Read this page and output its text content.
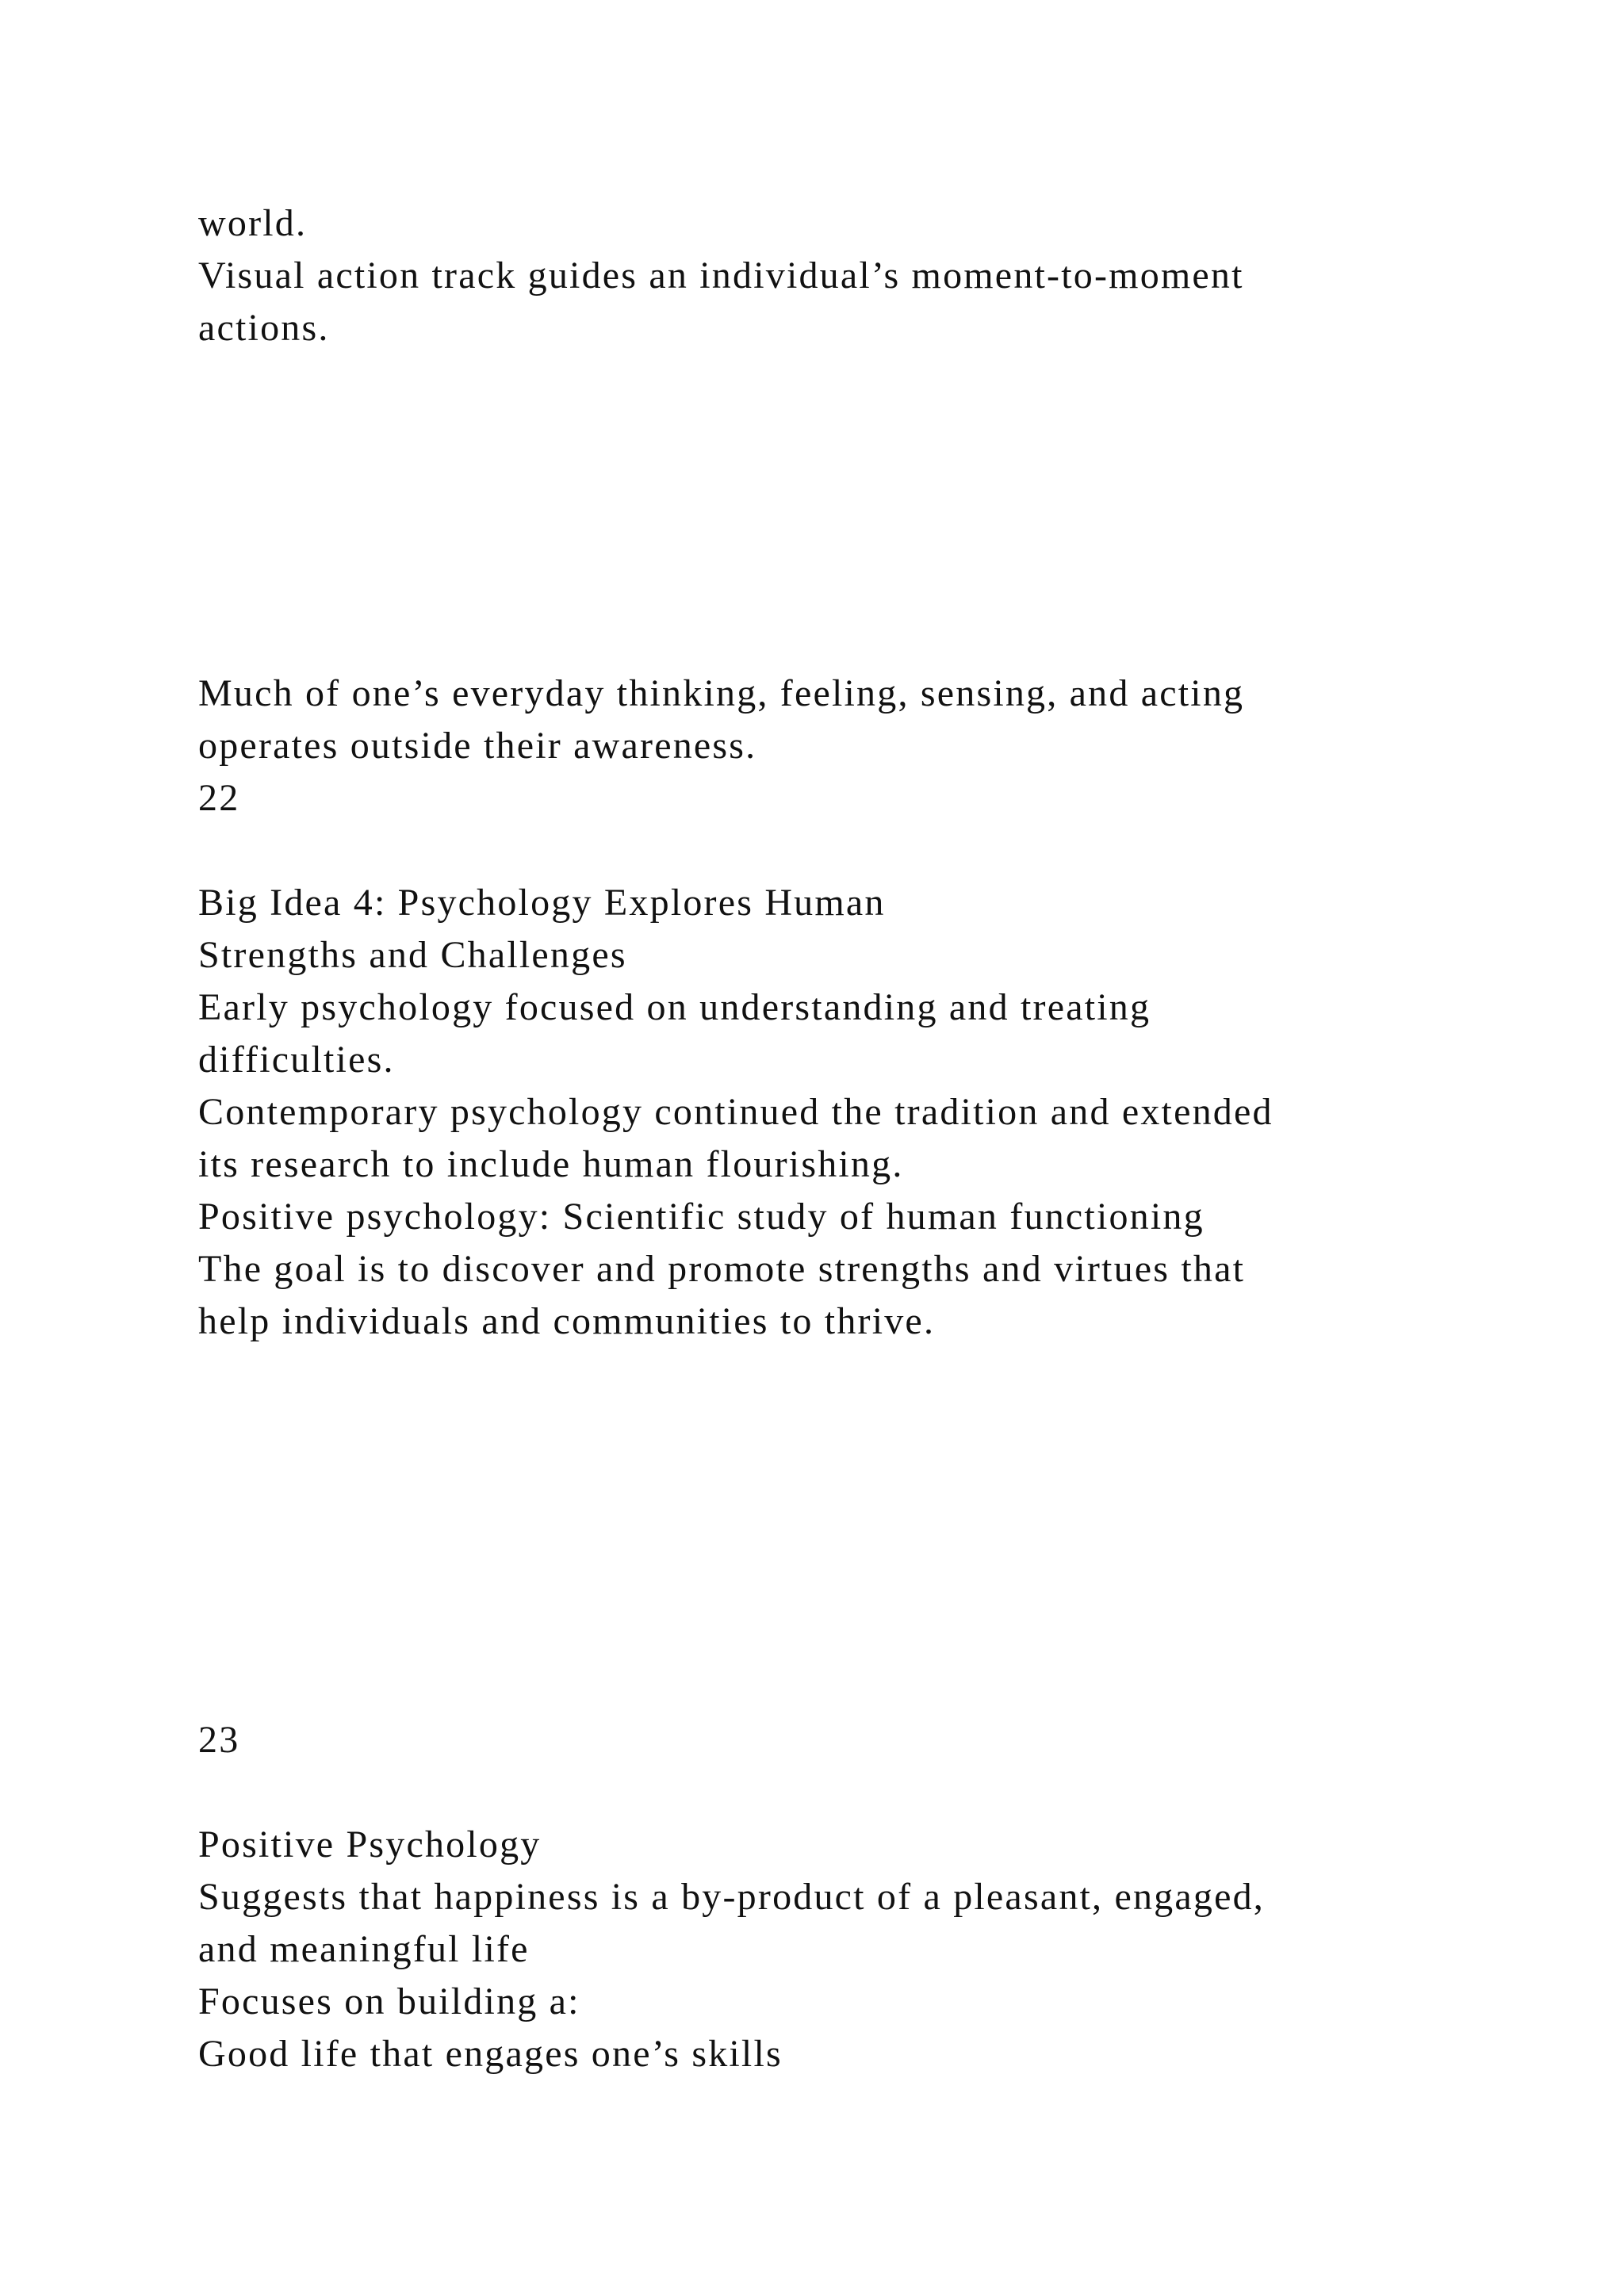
world.

Visual action track guides an individual’s moment-to-moment

actions.

Much of one’s everyday thinking, feeling, sensing, and acting

operates outside their awareness.

22

Big Idea 4: Psychology Explores Human

Strengths and Challenges

Early psychology focused on understanding and treating

difficulties.

Contemporary psychology continued the tradition and extended

its research to include human flourishing.

Positive psychology: Scientific study of human functioning

The goal is to discover and promote strengths and virtues that

help individuals and communities to thrive.

23

Positive Psychology

Suggests that happiness is a by-product of a pleasant, engaged,

and meaningful life

Focuses on building a:

Good life that engages one’s skills
